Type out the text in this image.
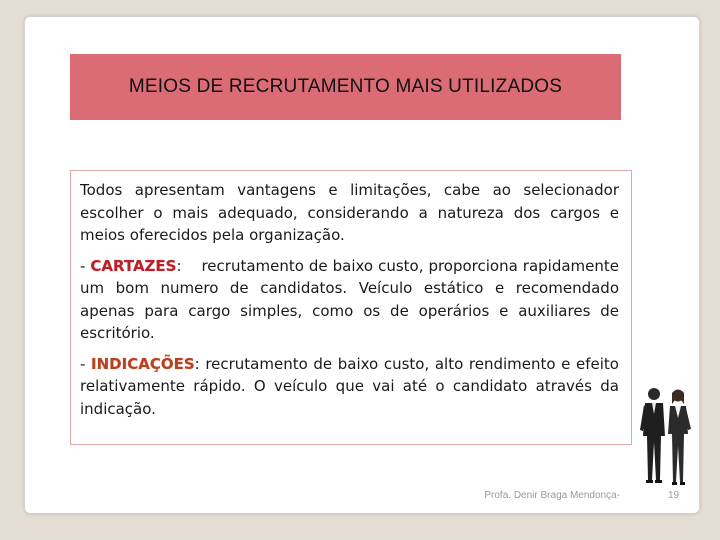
MEIOS DE RECRUTAMENTO MAIS UTILIZADOS

Todos apresentam vantagens e limitações, cabe ao selecionador escolher o mais adequado, considerando a natureza dos cargos e meios oferecidos pela organização.

- CARTAZES: recrutamento de baixo custo, proporciona rapidamente um bom numero de candidatos. Veículo estático e recomendado apenas para cargo simples, como os de operários e auxiliares de escritório.

- INDICAÇÕES: recrutamento de baixo custo, alto rendimento e efeito relativamente rápido. O veículo que vai até o candidato através da indicação.

Profa. Denir Braga Mendonça-	19
